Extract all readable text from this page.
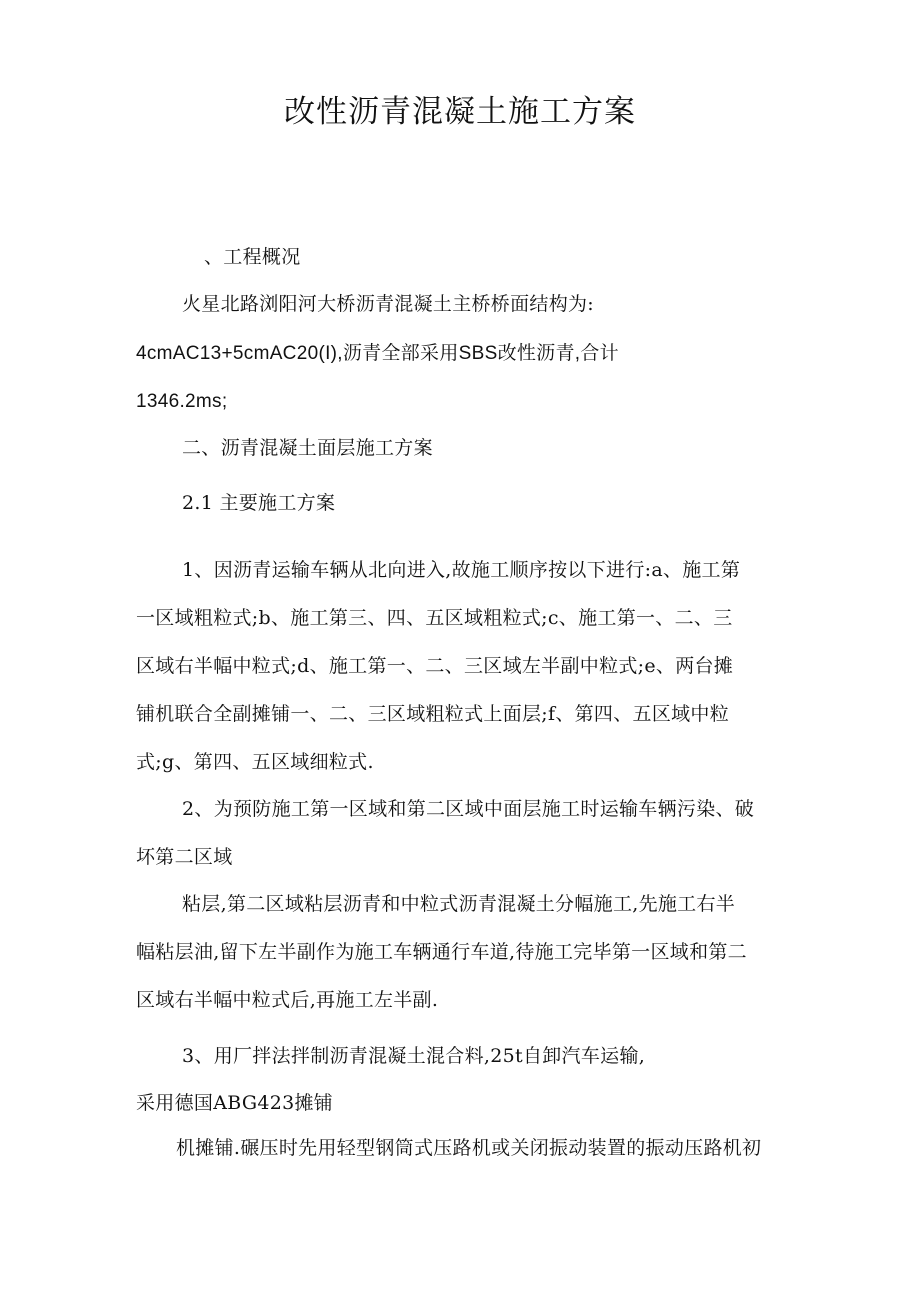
改性沥青混凝土施工方案
、工程概况
火星北路浏阳河大桥沥青混凝土主桥桥面结构为:
4cmAC13+5cmAC20(I),沥青全部采用SBS改性沥青,合计
1346.2ms;
二、沥青混凝土面层施工方案
2.1 主要施工方案
1、因沥青运输车辆从北向进入,故施工顺序按以下进行:a、施工第
一区域粗粒式;b、施工第三、四、五区域粗粒式;c、施工第一、二、三
区域右半幅中粒式;d、施工第一、二、三区域左半副中粒式;e、两台摊
铺机联合全副摊铺一、二、三区域粗粒式上面层;f、第四、五区域中粒
式;g、第四、五区域细粒式.
2、为预防施工第一区域和第二区域中面层施工时运输车辆污染、破
坏第二区域
粘层,第二区域粘层沥青和中粒式沥青混凝土分幅施工,先施工右半
幅粘层油,留下左半副作为施工车辆通行车道,待施工完毕第一区域和第二
区域右半幅中粒式后,再施工左半副.
3、用厂拌法拌制沥青混凝土混合料,25t自卸汽车运输,
采用德国ABG423摊铺
机摊铺.碾压时先用轻型钢筒式压路机或关闭振动装置的振动压路机初
